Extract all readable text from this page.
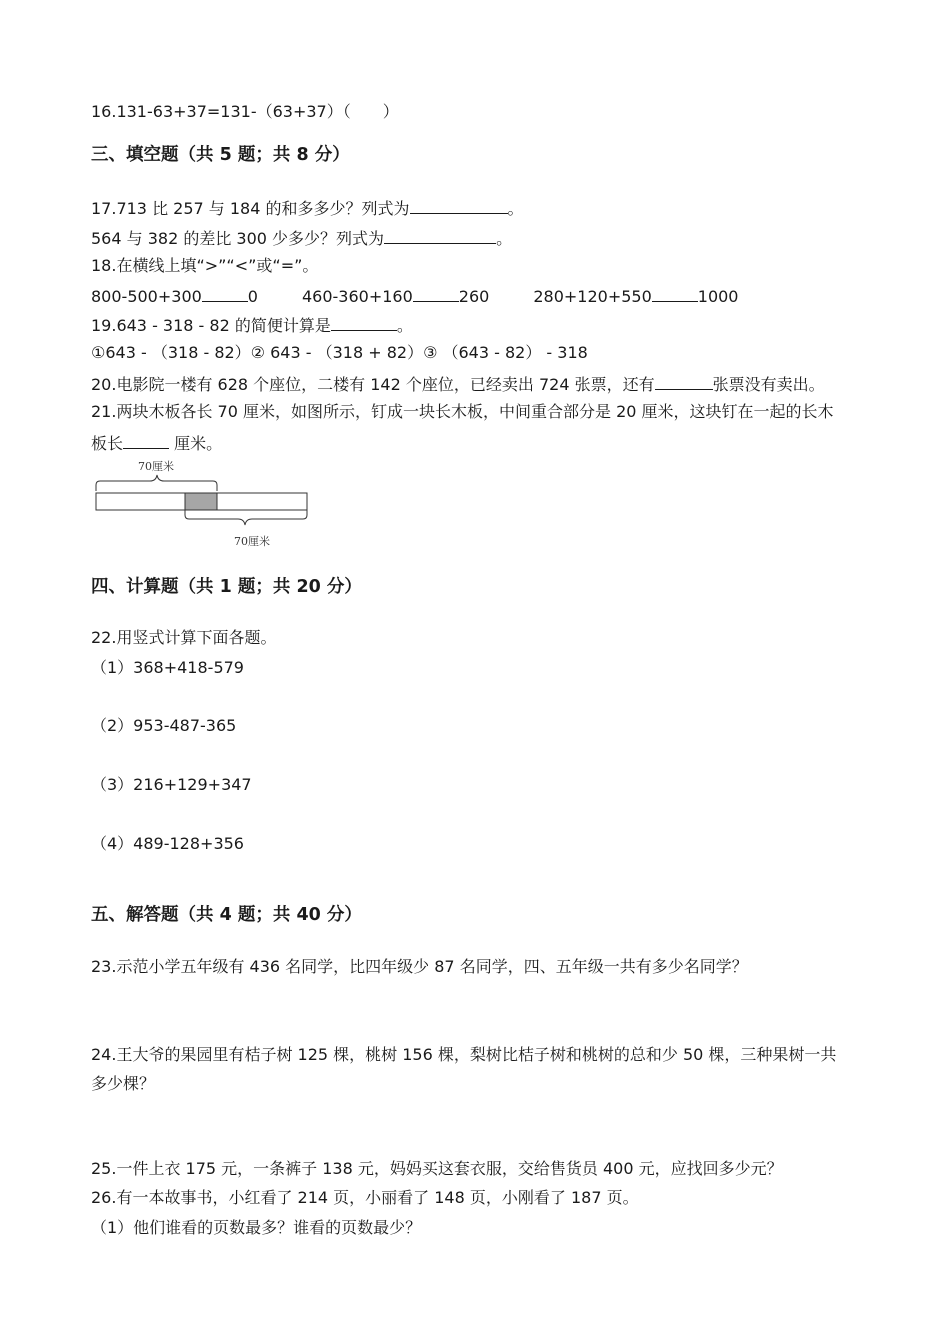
16.131-63+37=131-（63+37）（　　）
三、填空题（共 5 题；共 8 分）
17.713 比 257 与 184 的和多多少？列式为	。
564 与 382 的差比 300 少多少？列式为	。
18.在横线上填“>”“<”或“=”。
800-500+300	0	460-360+160	260	280+120+550	1000
19.643 - 318 - 82 的简便计算是	。
①643 - （318 - 82）② 643 - （318 + 82）③ （643 - 82） - 318
20.电影院一楼有 628 个座位，二楼有 142 个座位，已经卖出 724 张票，还有	张票没有卖出。
21.两块木板各长 70 厘米，如图所示，钉成一块长木板，中间重合部分是 20 厘米，这块钉在一起的长木
板长	厘米。
70厘米
70厘米
四、计算题（共 1 题；共 20 分）
22.用竖式计算下面各题。
（1）368+418-579
（2）953-487-365
（3）216+129+347
（4）489-128+356
五、解答题（共 4 题；共 40 分）
23.示范小学五年级有 436 名同学，比四年级少 87 名同学，四、五年级一共有多少名同学？
24.王大爷的果园里有桔子树 125 棵，桃树 156 棵，梨树比桔子树和桃树的总和少 50 棵，三种果树一共
多少棵？
25.一件上衣 175 元，一条裤子 138 元，妈妈买这套衣服，交给售货员 400 元，应找回多少元？
26.有一本故事书，小红看了 214 页，小丽看了 148 页，小刚看了 187 页。
（1）他们谁看的页数最多？谁看的页数最少？
